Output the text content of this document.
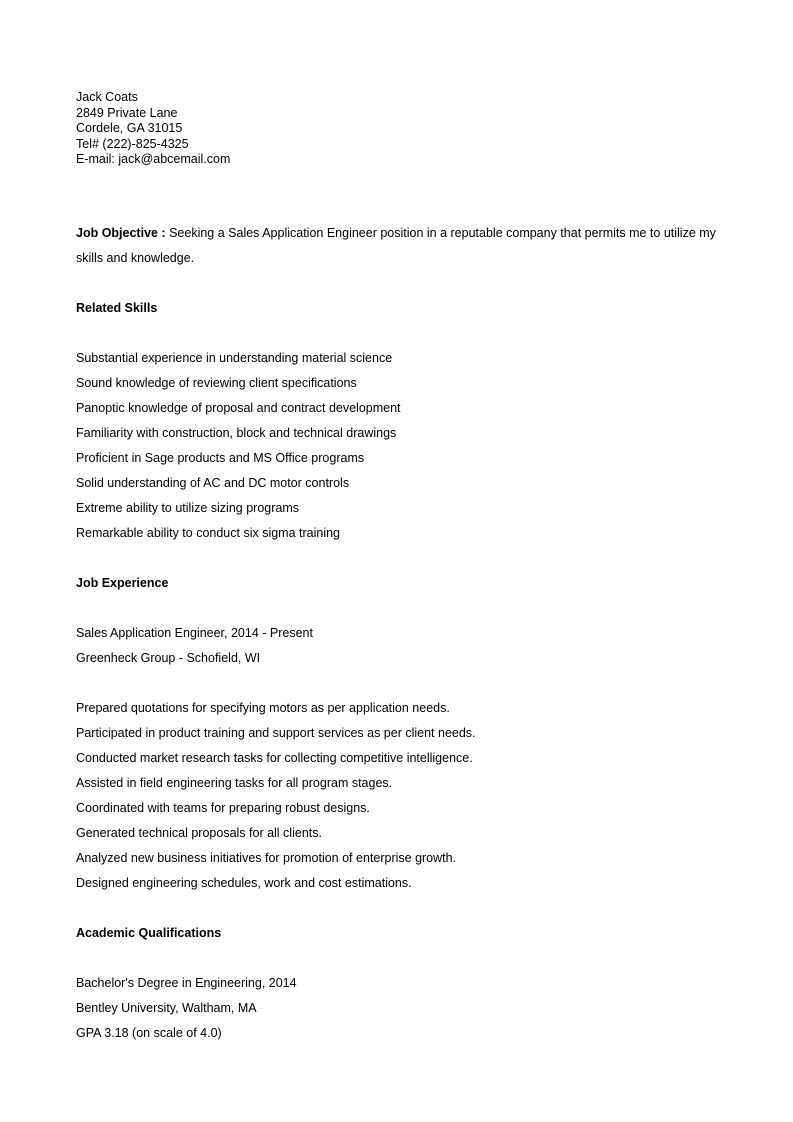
Jack Coats
2849 Private Lane
Cordele, GA 31015
Tel# (222)-825-4325
E-mail: jack@abcemail.com
Job Objective : Seeking a Sales Application Engineer position in a reputable company that permits me to utilize my skills and knowledge.
Related Skills
Substantial experience in understanding material science
Sound knowledge of reviewing client specifications
Panoptic knowledge of proposal and contract development
Familiarity with construction, block and technical drawings
Proficient in Sage products and MS Office programs
Solid understanding of AC and DC motor controls
Extreme ability to utilize sizing programs
Remarkable ability to conduct six sigma training
Job Experience
Sales Application Engineer, 2014 - Present
Greenheck Group - Schofield, WI
Prepared quotations for specifying motors as per application needs.
Participated in product training and support services as per client needs.
Conducted market research tasks for collecting competitive intelligence.
Assisted in field engineering tasks for all program stages.
Coordinated with teams for preparing robust designs.
Generated technical proposals for all clients.
Analyzed new business initiatives for promotion of enterprise growth.
Designed engineering schedules, work and cost estimations.
Academic Qualifications
Bachelor's Degree in Engineering, 2014
Bentley University, Waltham, MA
GPA 3.18 (on scale of 4.0)
